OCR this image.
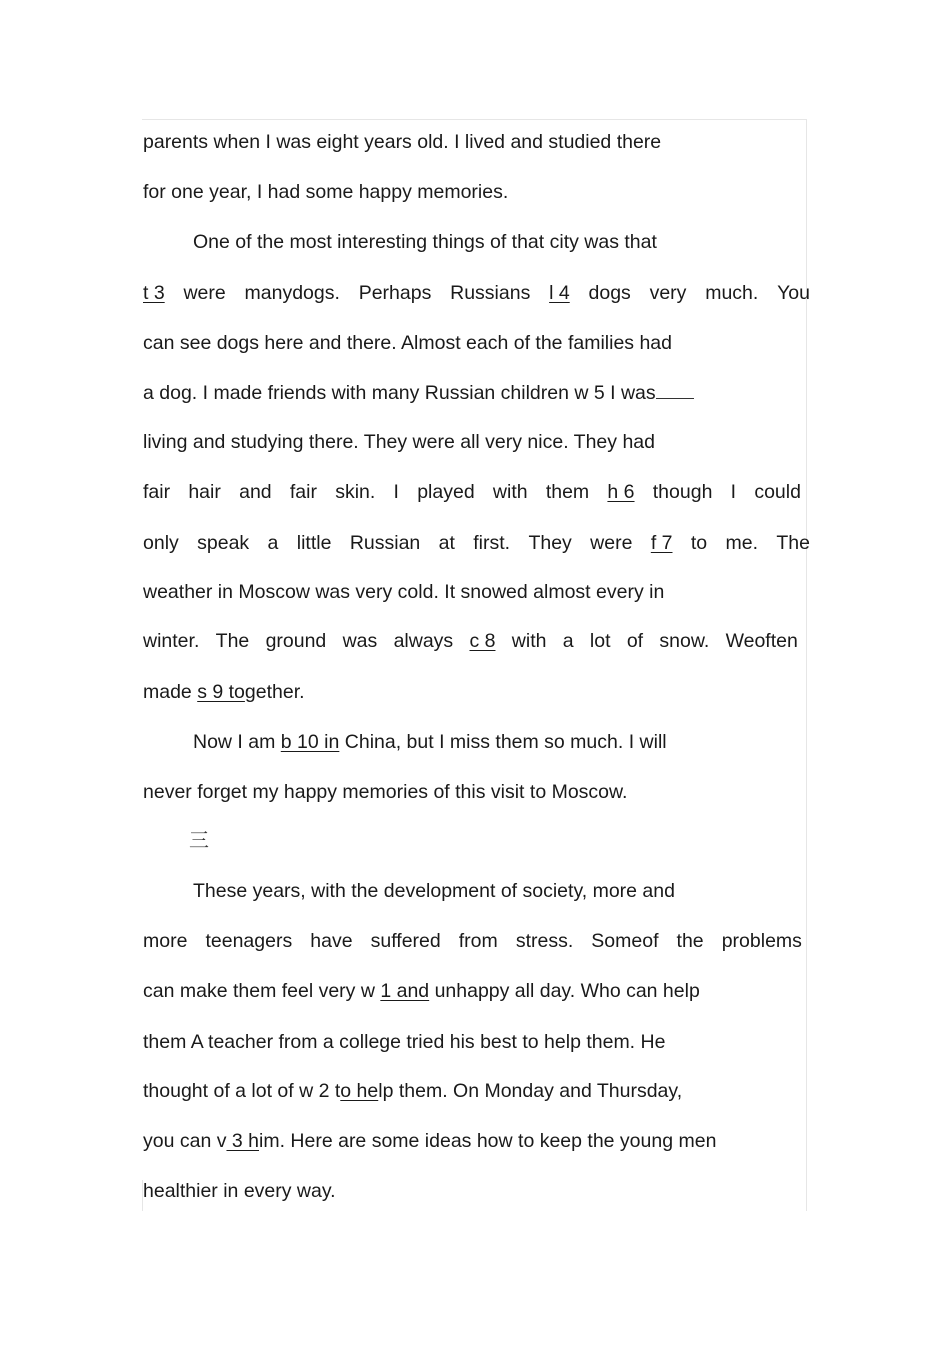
parents when I was eight years old. I lived and studied there
for one year, I had some happy memories.
One of the most interesting things of that city was that
t 3 were manydogs. Perhaps Russians l 4 dogs very much. You
can see dogs here and there. Almost each of the families had
a dog. I made friends with many Russian children w 5 I was
living and studying there. They were all very nice. They had
fair hair and fair skin. I played with them h 6 though I could
only speak a little Russian at first. They were f 7 to me. The
weather in Moscow was very cold. It snowed almost every in
winter. The ground was always c 8 with a lot of snow. Weoften
made s 9 together.
Now I am b 10 in China, but I miss them so much. I will
never forget my happy memories of this visit to Moscow.
三
These years, with the development of society, more and
more teenagers have suffered from stress. Someof the problems
can make them feel very w 1 and unhappy all day. Who can help
them A teacher from a college tried his best to help them. He
thought of a lot of w 2 to help them. On Monday and Thursday,
you can v 3 him. Here are some ideas how to keep the young men
healthier in every way.
